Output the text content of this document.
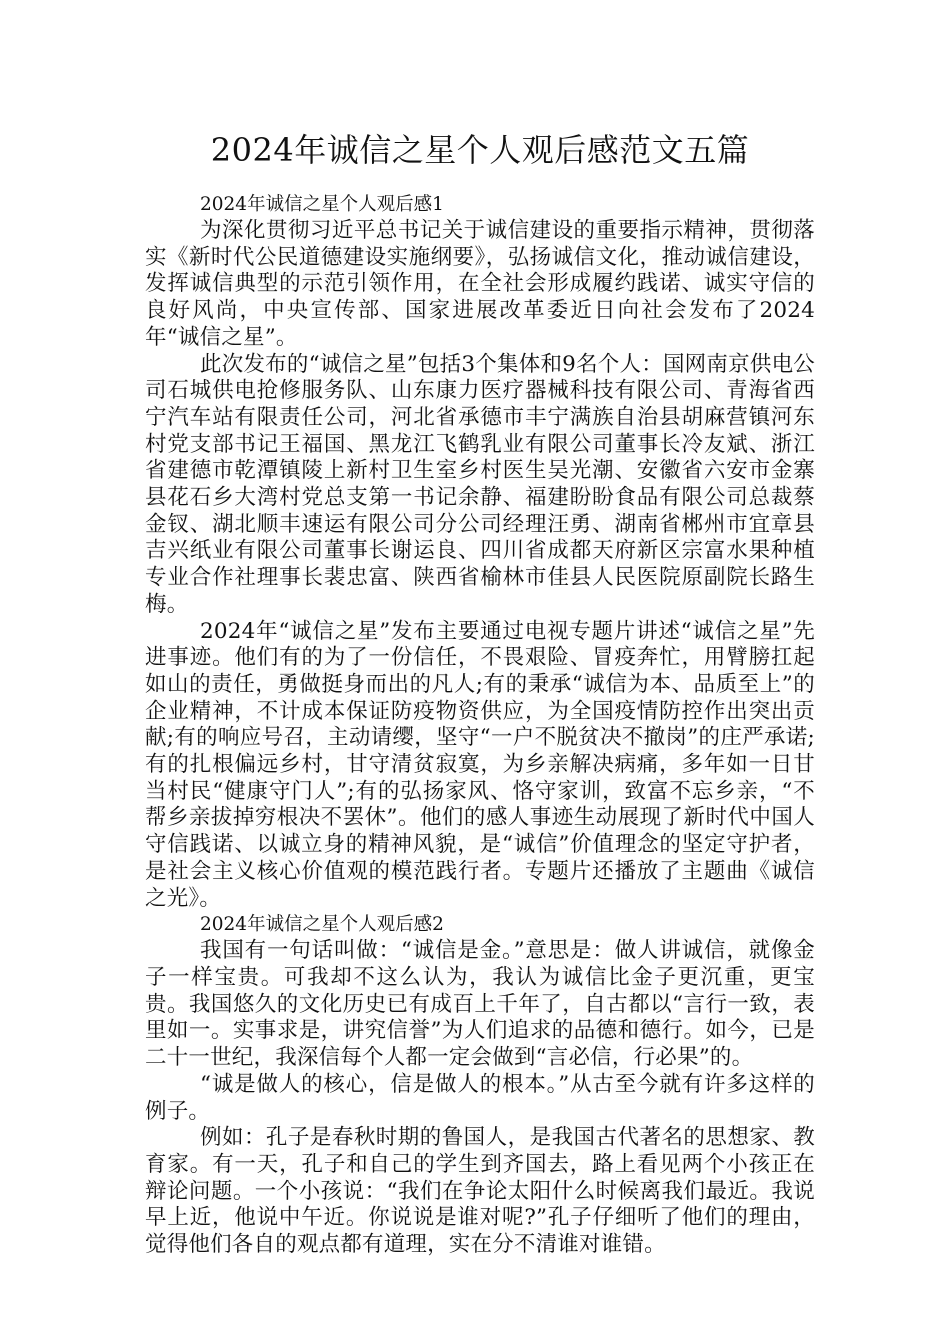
2024年诚信之星个人观后感范文五篇

2024年诚信之星个人观后感1

为深化贯彻习近平总书记关于诚信建设的重要指示精神，贯彻落实《新时代公民道德建设实施纲要》，弘扬诚信文化，推动诚信建设，发挥诚信典型的示范引领作用，在全社会形成履约践诺、诚实守信的良好风尚，中央宣传部、国家进展改革委近日向社会发布了2024年“诚信之星”。

此次发布的“诚信之星”包括3个集体和9名个人：国网南京供电公司石城供电抢修服务队、山东康力医疗器械科技有限公司、青海省西宁汽车站有限责任公司，河北省承德市丰宁满族自治县胡麻营镇河东村党支部书记王福国、黑龙江飞鹤乳业有限公司董事长冷友斌、浙江省建德市乾潭镇陵上新村卫生室乡村医生吴光潮、安徽省六安市金寨县花石乡大湾村党总支第一书记余静、福建盼盼食品有限公司总裁蔡金钗、湖北顺丰速运有限公司分公司经理汪勇、湖南省郴州市宜章县吉兴纸业有限公司董事长谢运良、四川省成都天府新区宗富水果种植专业合作社理事长裴忠富、陕西省榆林市佳县人民医院原副院长路生梅。

2024年“诚信之星”发布主要通过电视专题片讲述“诚信之星”先进事迹。他们有的为了一份信任，不畏艰险、冒疫奔忙，用臂膀扛起如山的责任，勇做挺身而出的凡人;有的秉承“诚信为本、品质至上”的企业精神，不计成本保证防疫物资供应，为全国疫情防控作出突出贡献;有的响应号召，主动请缨，坚守“一户不脱贫决不撤岗”的庄严承诺;有的扎根偏远乡村，甘守清贫寂寞，为乡亲解决病痛，多年如一日甘当村民“健康守门人”;有的弘扬家风、恪守家训，致富不忘乡亲，“不帮乡亲拔掉穷根决不罢休”。他们的感人事迹生动展现了新时代中国人守信践诺、以诚立身的精神风貌，是“诚信”价值理念的坚定守护者，是社会主义核心价值观的模范践行者。专题片还播放了主题曲《诚信之光》。

2024年诚信之星个人观后感2

我国有一句话叫做：“诚信是金。”意思是：做人讲诚信，就像金子一样宝贵。可我却不这么认为，我认为诚信比金子更沉重，更宝贵。我国悠久的文化历史已有成百上千年了，自古都以“言行一致，表里如一。实事求是，讲究信誉”为人们追求的品德和德行。如今，已是二十一世纪，我深信每个人都一定会做到“言必信，行必果”的。

“诚是做人的核心，信是做人的根本。”从古至今就有许多这样的例子。

例如：孔子是春秋时期的鲁国人，是我国古代著名的思想家、教育家。有一天，孔子和自己的学生到齐国去，路上看见两个小孩正在辩论问题。一个小孩说：“我们在争论太阳什么时候离我们最近。我说早上近，他说中午近。你说说是谁对呢?”孔子仔细听了他们的理由，觉得他们各自的观点都有道理，实在分不清谁对谁错。
